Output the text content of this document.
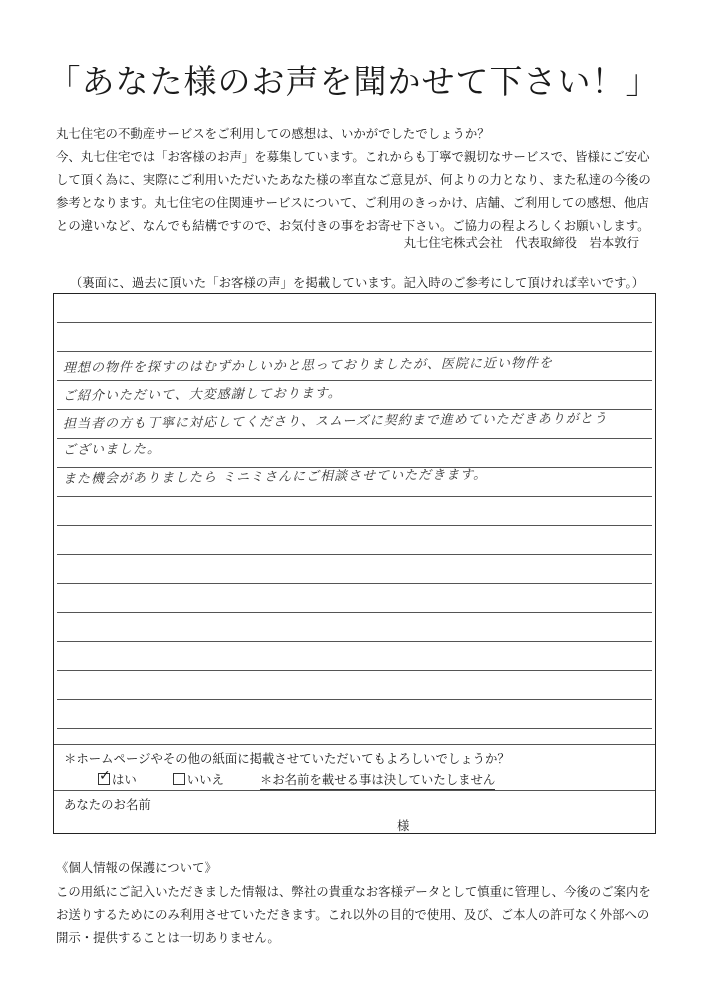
「あなた様のお声を聞かせて下さい！」
丸七住宅の不動産サービスをご利用しての感想は、いかがでしたでしょうか？
今、丸七住宅では「お客様のお声」を募集しています。これからも丁寧で親切なサービスで、皆様にご安心
して頂く為に、実際にご利用いただいたあなた様の率直なご意見が、何よりの力となり、また私達の今後の
参考となります。丸七住宅の住関連サービスについて、ご利用のきっかけ、店舗、ご利用しての感想、他店
との違いなど、なんでも結構ですので、お気付きの事をお寄せ下さい。ご協力の程よろしくお願いします。
丸七住宅株式会社　代表取締役　岩本敦行
（裏面に、過去に頂いた「お客様の声」を掲載しています。記入時のご参考にして頂ければ幸いです。）
理想の物件を探すのはむずかしいかと思っておりましたが、医院に近い物件を
ご紹介いただいて、大変感謝しております。
担当者の方も丁寧に対応してくださり、スムーズに契約まで進めていただきありがとう
ございました。
また機会がありましたら ミニミさんにご相談させていただきます。
＊ホームページやその他の紙面に掲載させていただいてもよろしいでしょうか？
✓ はい	いいえ	＊お名前を載せる事は決していたしません
あなたのお名前
様
《個人情報の保護について》
この用紙にご記入いただきました情報は、弊社の貴重なお客様データとして慎重に管理し、今後のご案内を
お送りするためにのみ利用させていただきます。これ以外の目的で使用、及び、ご本人の許可なく外部への
開示・提供することは一切ありません。
